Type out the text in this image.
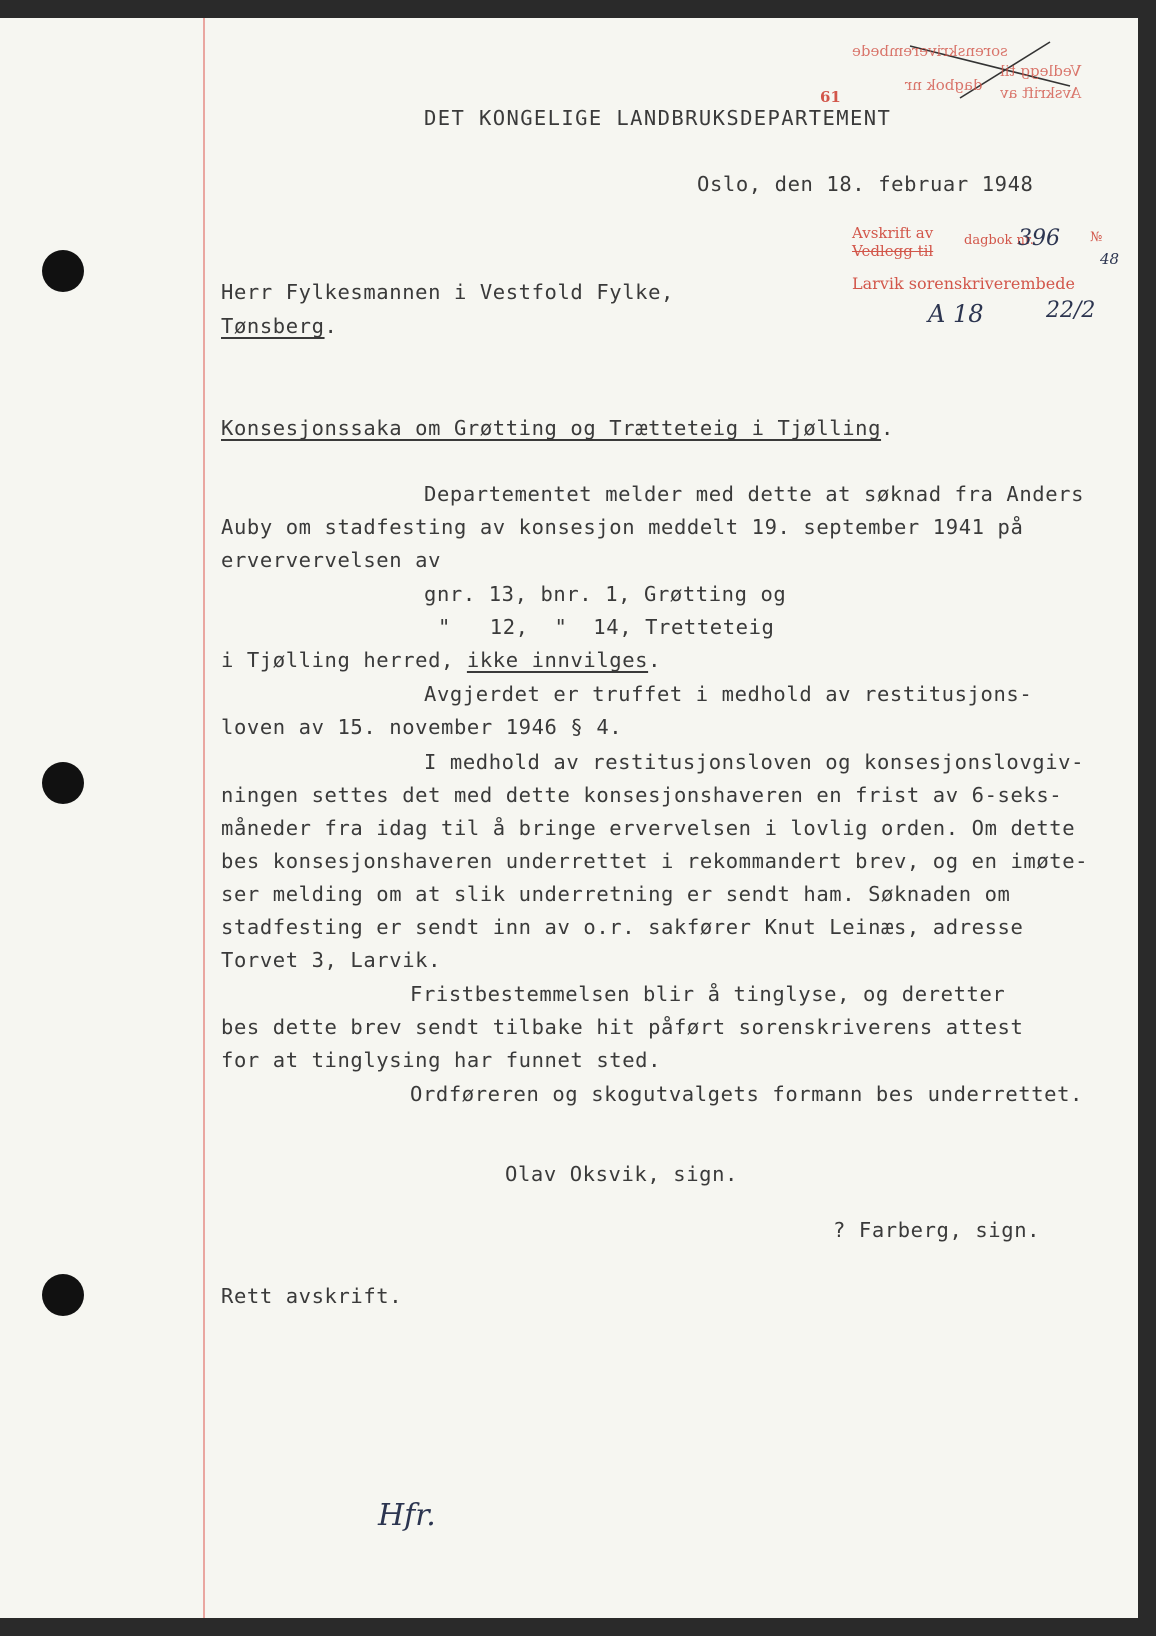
sorenskriverembede
dagbok nr
Vedlegg til
Avskrift av
61
DET KONGELIGE LANDBRUKSDEPARTEMENT
Oslo, den 18. februar 1948
Avskrift av
Vedlegg til
dagbok nr.
396 №
48
Larvik sorenskriverembede
A 18	22/2
Herr Fylkesmannen i Vestfold Fylke,
Tønsberg.
Konsesjonssaka om Grøtting og Trætteteig i Tjølling.
Departementet melder med dette at søknad fra Anders
Auby om stadfesting av konsesjon meddelt 19. september 1941 på
erververvelsen av
gnr. 13, bnr. 1, Grøtting og
"   12,  "  14, Tretteteig
i Tjølling herred, ikke innvilges.
Avgjerdet er truffet i medhold av restitusjons-
loven av 15. november 1946 § 4.
I medhold av restitusjonsloven og konsesjonslovgiv-
ningen settes det med dette konsesjonshaveren en frist av 6-seks-
måneder fra idag til å bringe ervervelsen i lovlig orden. Om dette
bes konsesjonshaveren underrettet i rekommandert brev, og en imøte-
ser melding om at slik underretning er sendt ham. Søknaden om
stadfesting er sendt inn av o.r. sakfører Knut Leinæs, adresse
Torvet 3, Larvik.
Fristbestemmelsen blir å tinglyse, og deretter
bes dette brev sendt tilbake hit påført sorenskriverens attest
for at tinglysing har funnet sted.
Ordføreren og skogutvalgets formann bes underrettet.
Olav Oksvik, sign.
? Farberg, sign.
Rett avskrift.
Hfr.
